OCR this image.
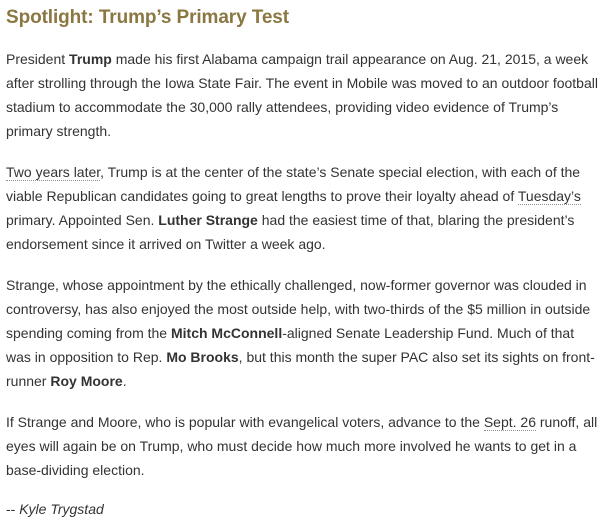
Spotlight: Trump’s Primary Test

President Trump made his first Alabama campaign trail appearance on Aug. 21, 2015, a week after strolling through the Iowa State Fair. The event in Mobile was moved to an outdoor football stadium to accommodate the 30,000 rally attendees, providing video evidence of Trump’s primary strength.

Two years later, Trump is at the center of the state’s Senate special election, with each of the viable Republican candidates going to great lengths to prove their loyalty ahead of Tuesday’s primary. Appointed Sen. Luther Strange had the easiest time of that, blaring the president’s endorsement since it arrived on Twitter a week ago.

Strange, whose appointment by the ethically challenged, now-former governor was clouded in controversy, has also enjoyed the most outside help, with two-thirds of the $5 million in outside spending coming from the Mitch McConnell-aligned Senate Leadership Fund. Much of that was in opposition to Rep. Mo Brooks, but this month the super PAC also set its sights on front-runner Roy Moore.

If Strange and Moore, who is popular with evangelical voters, advance to the Sept. 26 runoff, all eyes will again be on Trump, who must decide how much more involved he wants to get in a base-dividing election.

-- Kyle Trygstad
